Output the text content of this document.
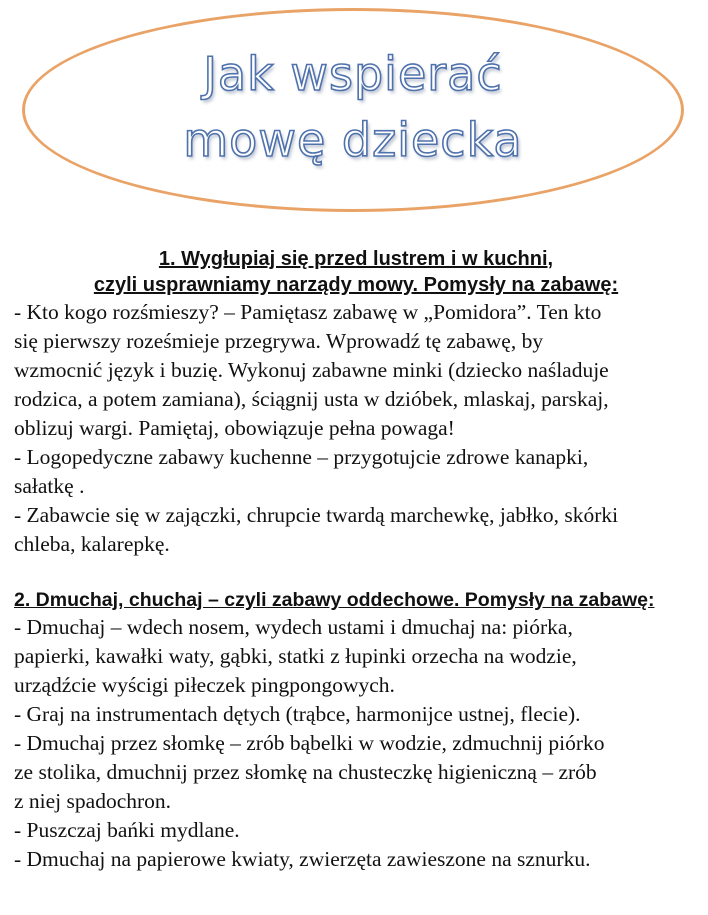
Jak wspierać
mowę dziecka
1. Wygłupiaj się przed lustrem i w kuchni,
czyli usprawniamy narządy mowy. Pomysły na zabawę:

- Kto kogo rozśmieszy? – Pamiętasz zabawę w „Pomidora”. Ten kto
się pierwszy roześmieje przegrywa. Wprowadź tę zabawę, by
wzmocnić język i buzię. Wykonuj zabawne minki (dziecko naśladuje
rodzica, a potem zamiana), ściągnij usta w dzióbek, mlaskaj, parskaj,
oblizuj wargi. Pamiętaj, obowiązuje pełna powaga!
- Logopedyczne zabawy kuchenne – przygotujcie zdrowe kanapki,
sałatkę .
- Zabawcie się w zajączki, chrupcie twardą marchewkę, jabłko, skórki
chleba, kalarepkę.

2. Dmuchaj, chuchaj – czyli zabawy oddechowe. Pomysły na zabawę:

- Dmuchaj – wdech nosem, wydech ustami i dmuchaj na: piórka,
papierki, kawałki waty, gąbki, statki z łupinki orzecha na wodzie,
urządźcie wyścigi piłeczek pingpongowych.
- Graj na instrumentach dętych (trąbce, harmonijce ustnej, flecie).
- Dmuchaj przez słomkę – zrób bąbelki w wodzie, zdmuchnij piórko
ze stolika, dmuchnij przez słomkę na chusteczkę higieniczną – zrób
z niej spadochron.
- Puszczaj bańki mydlane.
- Dmuchaj na papierowe kwiaty, zwierzęta zawieszone na sznurku.
